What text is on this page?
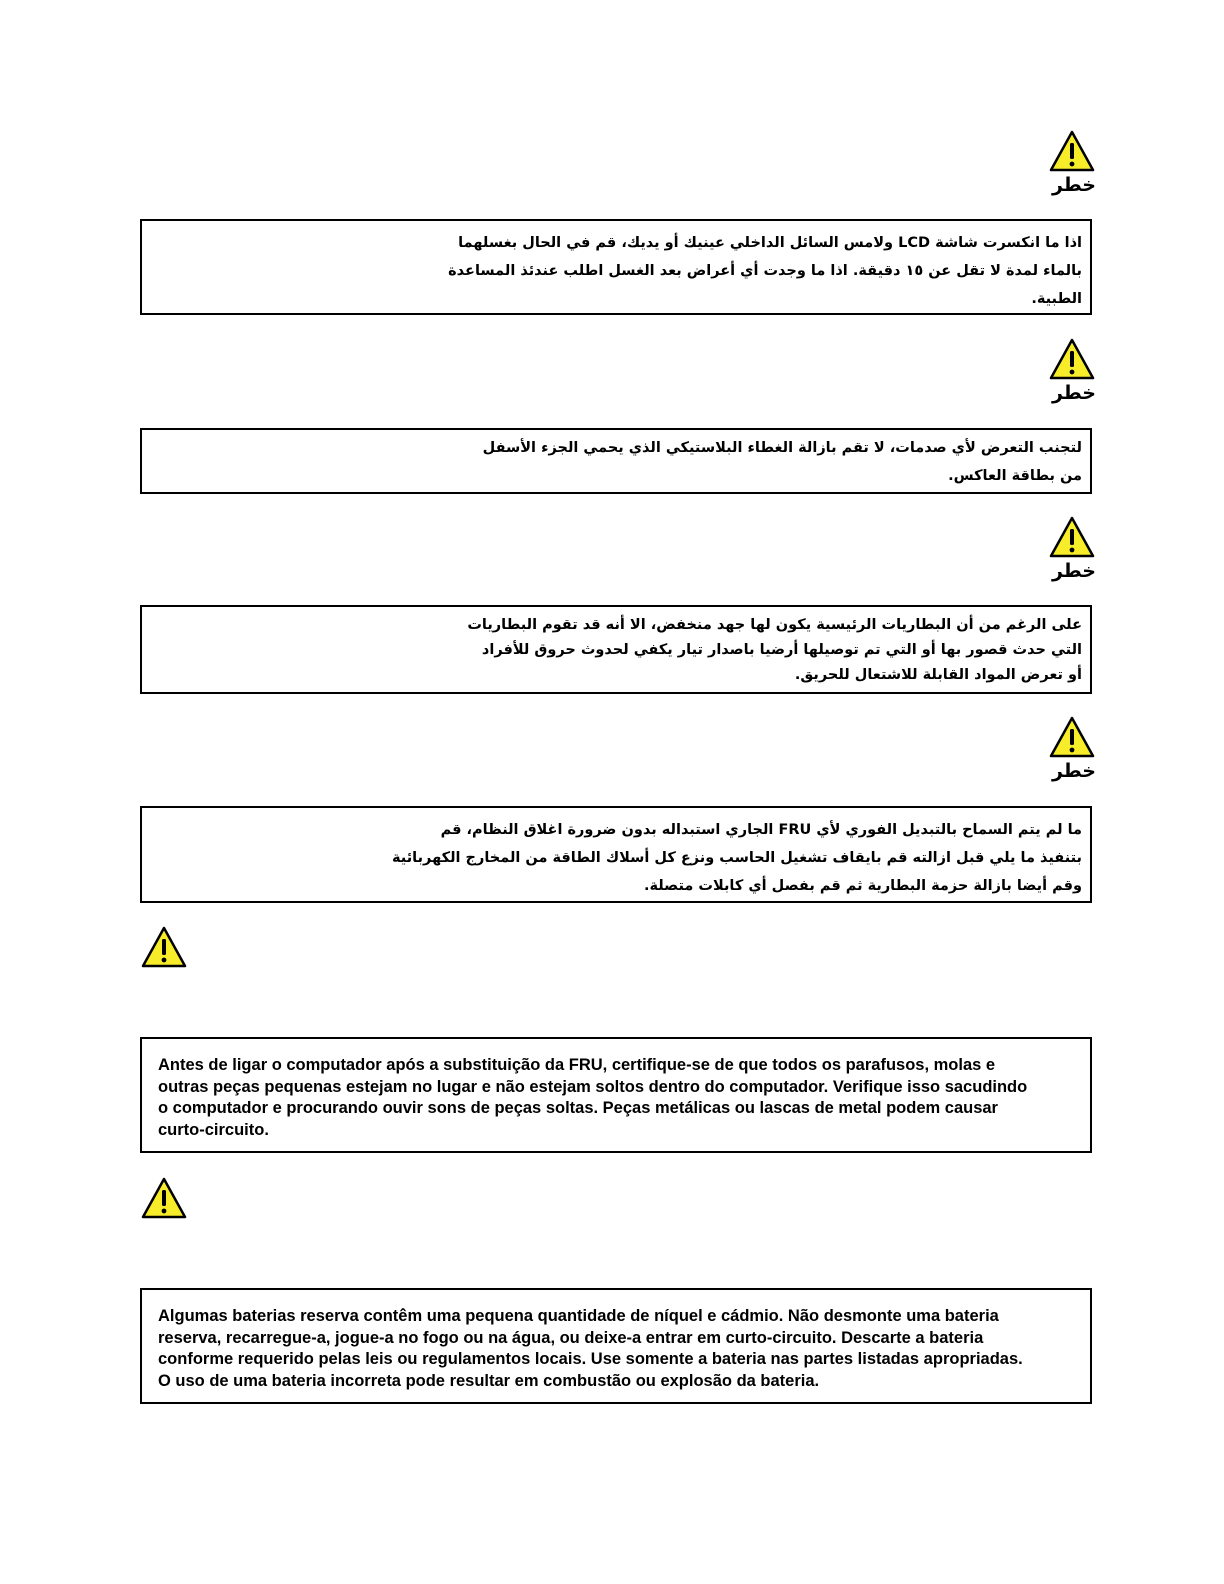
خطر

اذا ما انكسرت شاشة LCD ولامس السائل الداخلي عينيك أو يديك، قم في الحال بغسلهما
بالماء لمدة لا تقل عن ١٥ دقيقة. اذا ما وجدت أي أعراض بعد الغسل اطلب عندئذ المساعدة
الطبية.

خطر

لتجنب التعرض لأي صدمات، لا تقم بازالة الغطاء البلاستيكي الذي يحمي الجزء الأسفل
من بطاقة العاكس.

خطر

على الرغم من أن البطاريات الرئيسية يكون لها جهد منخفض، الا أنه قد تقوم البطاريات
التي حدث قصور بها أو التي تم توصيلها أرضيا باصدار تيار يكفي لحدوث حروق للأفراد
أو تعرض المواد القابلة للاشتعال للحريق.

خطر

ما لم يتم السماح بالتبديل الفوري لأي FRU الجاري استبداله بدون ضرورة اغلاق النظام، قم
بتنفيذ ما يلي قبل ازالته قم بايقاف تشغيل الحاسب ونزع كل أسلاك الطاقة من المخارج الكهربائية
وقم أيضا بازالة حزمة البطارية ثم قم بفصل أي كابلات متصلة.

Antes de ligar o computador após a substituição da FRU, certifique-se de que todos os parafusos, molas e
outras peças pequenas estejam no lugar e não estejam soltos dentro do computador. Verifique isso sacudindo
o computador e procurando ouvir sons de peças soltas. Peças metálicas ou lascas de metal podem causar
curto-circuito.

Algumas baterias reserva contêm uma pequena quantidade de níquel e cádmio. Não desmonte uma bateria
reserva, recarregue-a, jogue-a no fogo ou na água, ou deixe-a entrar em curto-circuito. Descarte a bateria
conforme requerido pelas leis ou regulamentos locais. Use somente a bateria nas partes listadas apropriadas.
O uso de uma bateria incorreta pode resultar em combustão ou explosão da bateria.
